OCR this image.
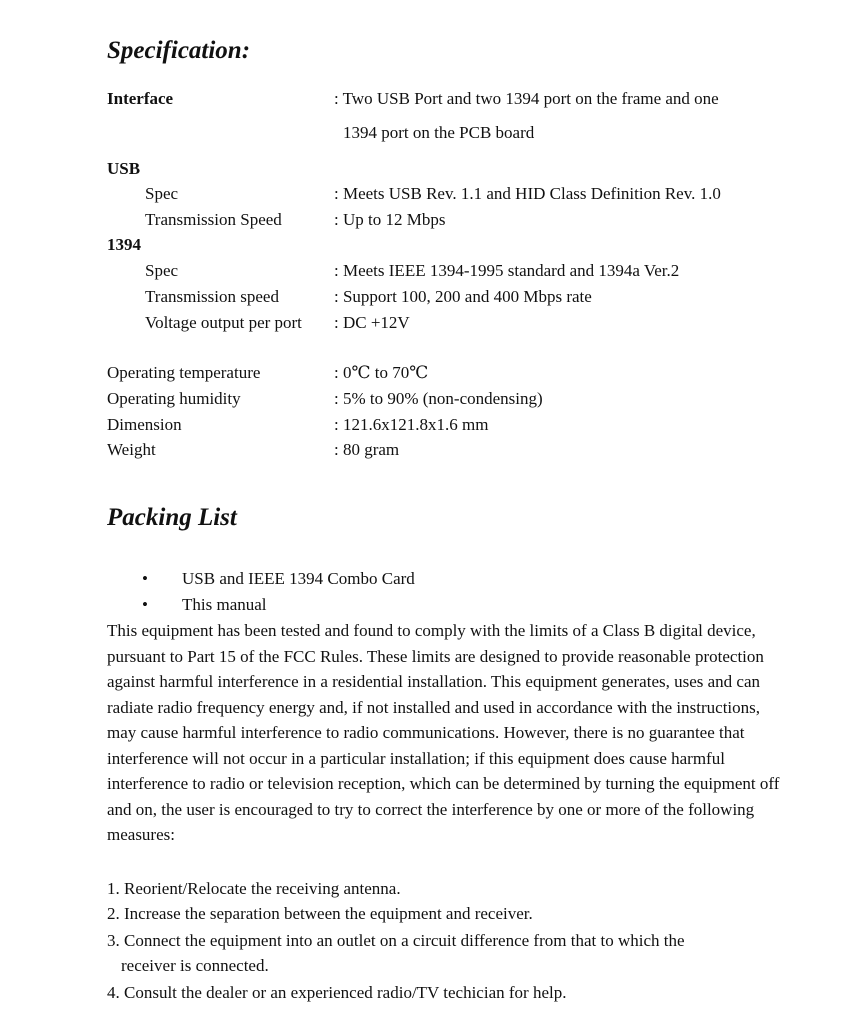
Specification:
Interface	: Two USB Port and two 1394 port on the frame and one
1394 port on the PCB board
USB
Spec	: Meets USB Rev. 1.1 and HID Class Definition Rev. 1.0
Transmission Speed	: Up to 12 Mbps
1394
Spec	: Meets IEEE 1394-1995 standard and 1394a Ver.2
Transmission speed	: Support 100, 200 and 400 Mbps rate
Voltage output per port : DC +12V
Operating temperature	: 0℃ to 70℃
Operating humidity	: 5% to 90% (non-condensing)
Dimension	: 121.6x121.8x1.6 mm
Weight	: 80 gram
Packing List
• USB and IEEE 1394 Combo Card
• This manual

This equipment has been tested and found to comply with the limits of a Class B digital device, pursuant to Part 15 of the FCC Rules. These limits are designed to provide reasonable protection against harmful interference in a residential installation. This equipment generates, uses and can radiate radio frequency energy and, if not installed and used in accordance with the instructions, may cause harmful interference to radio communications. However, there is no guarantee that interference will not occur in a particular installation; if this equipment does cause harmful interference to radio or television reception, which can be determined by turning the equipment off and on, the user is encouraged to try to correct the interference by one or more of the following measures:

1. Reorient/Relocate the receiving antenna.
2. Increase the separation between the equipment and receiver.
3. Connect the equipment into an outlet on a circuit difference from that to which the
receiver is connected.
4. Consult the dealer or an experienced radio/TV techician for help.
